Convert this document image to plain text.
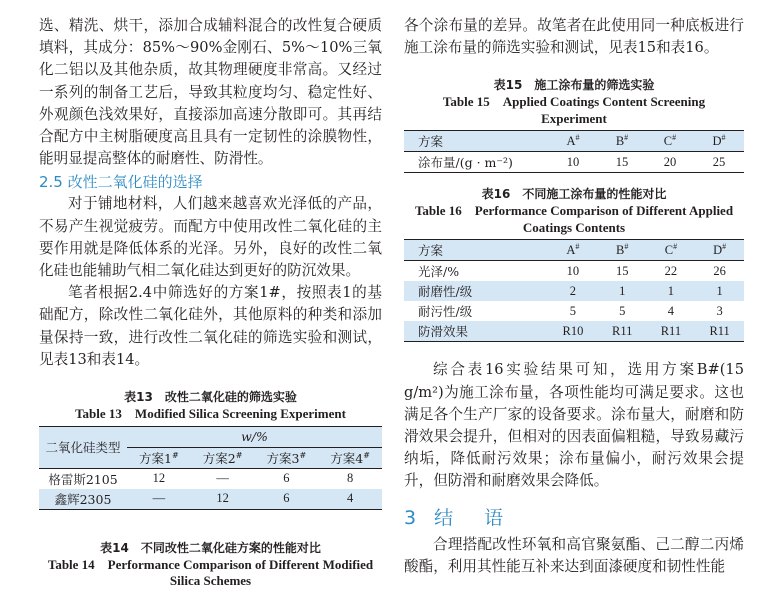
选、精洗、烘干，添加合成辅料混合的改性复合硬质填料，其成分：85%～90%金刚石、5%～10%三氧化二铝以及其他杂质，故其物理硬度非常高。又经过一系列的制备工艺后，导致其粒度均匀、稳定性好、外观颜色浅效果好，直接添加高速分散即可。其再结合配方中主树脂硬度高且具有一定韧性的涂膜物性，能明显提高整体的耐磨性、防滑性。

2.5 改性二氧化硅的选择

对于铺地材料，人们越来越喜欢光泽低的产品，不易产生视觉疲劳。而配方中使用改性二氧化硅的主要作用就是降低体系的光泽。另外，良好的改性二氧化硅也能辅助气相二氧化硅达到更好的防沉效果。

笔者根据2.4中筛选好的方案1#，按照表1的基础配方，除改性二氧化硅外，其他原料的种类和添加量保持一致，进行改性二氧化硅的筛选实验和测试，见表13和表14。

表13　改性二氧化硅的筛选实验

Table 13　Modified Silica Screening Experiment

二氧化硅类型	w/%			
	方案1#	方案2#	方案3#	方案4#
格雷斯2105	12	—	6	8
鑫辉2305	—	12	6	4

表14　不同改性二氧化硅方案的性能对比

Table 14　Performance Comparison of Different Modified

Silica Schemes

各个涂布量的差异。故笔者在此使用同一种底板进行施工涂布量的筛选实验和测试，见表15和表16。

表15　施工涂布量的筛选实验

Table 15　Applied Coatings Content Screening

Experiment

方案	A#	B#	C#	D#
涂布量/(g · m⁻²)	10	15	20	25

表16　不同施工涂布量的性能对比

Table 16　Performance Comparison of Different Applied

Coatings Contents

方案	A#	B#	C#	D#
光泽/%	10	15	22	26
耐磨性/级	2	1	1	1
耐污性/级	5	5	4	3
防滑效果	R10	R11	R11	R11

综合表16实验结果可知，选用方案B#(15 g/m²)为施工涂布量，各项性能均可满足要求。这也满足各个生产厂家的设备要求。涂布量大，耐磨和防滑效果会提升，但相对的因表面偏粗糙，导致易藏污纳垢，降低耐污效果；涂布量偏小，耐污效果会提升，但防滑和耐磨效果会降低。

3 结　语

合理搭配改性环氧和高官聚氨酯、己二醇二丙烯酸酯，利用其性能互补来达到面漆硬度和韧性性能
